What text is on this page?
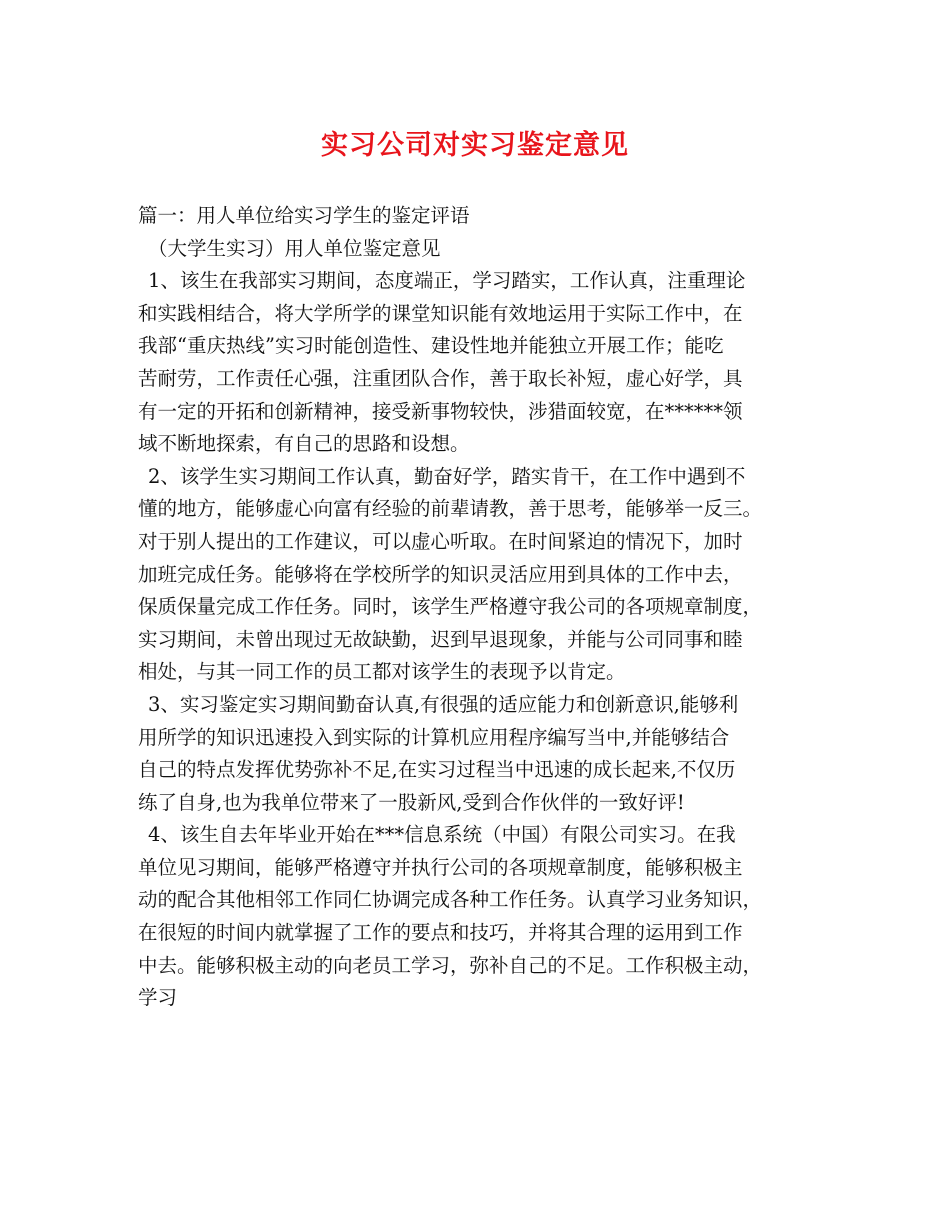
实习公司对实习鉴定意见
篇一：用人单位给实习学生的鉴定评语
（大学生实习）用人单位鉴定意见
1、该生在我部实习期间，态度端正，学习踏实，工作认真，注重理论
和实践相结合，将大学所学的课堂知识能有效地运用于实际工作中，在
我部“重庆热线”实习时能创造性、建设性地并能独立开展工作；能吃
苦耐劳，工作责任心强，注重团队合作，善于取长补短，虚心好学，具
有一定的开拓和创新精神，接受新事物较快，涉猎面较宽，在******领
域不断地探索，有自己的思路和设想。
2、该学生实习期间工作认真，勤奋好学，踏实肯干，在工作中遇到不
懂的地方，能够虚心向富有经验的前辈请教，善于思考，能够举一反三。
对于别人提出的工作建议，可以虚心听取。在时间紧迫的情况下，加时
加班完成任务。能够将在学校所学的知识灵活应用到具体的工作中去，
保质保量完成工作任务。同时，该学生严格遵守我公司的各项规章制度，
实习期间，未曾出现过无故缺勤，迟到早退现象，并能与公司同事和睦
相处，与其一同工作的员工都对该学生的表现予以肯定。
3、实习鉴定实习期间勤奋认真,有很强的适应能力和创新意识,能够利
用所学的知识迅速投入到实际的计算机应用程序编写当中,并能够结合
自己的特点发挥优势弥补不足,在实习过程当中迅速的成长起来,不仅历
练了自身,也为我单位带来了一股新风,受到合作伙伴的一致好评!
4、该生自去年毕业开始在***信息系统（中国）有限公司实习。在我
单位见习期间，能够严格遵守并执行公司的各项规章制度，能够积极主
动的配合其他相邻工作同仁协调完成各种工作任务。认真学习业务知识，
在很短的时间内就掌握了工作的要点和技巧，并将其合理的运用到工作
中去。能够积极主动的向老员工学习，弥补自己的不足。工作积极主动，
学习
